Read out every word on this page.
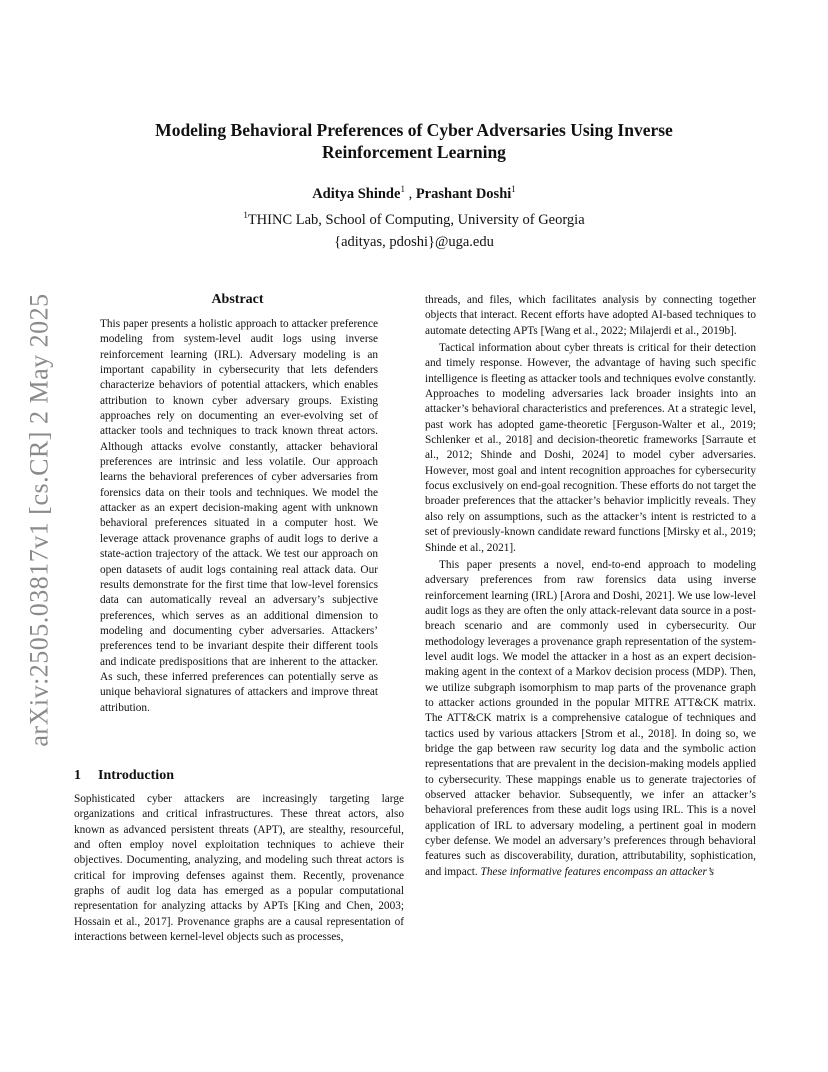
arXiv:2505.03817v1 [cs.CR] 2 May 2025
Modeling Behavioral Preferences of Cyber Adversaries Using Inverse Reinforcement Learning
Aditya Shinde$^1$ , Prashant Doshi$^1$
$^1$THINC Lab, School of Computing, University of Georgia
{adityas, pdoshi}@uga.edu
Abstract

This paper presents a holistic approach to attacker preference modeling from system-level audit logs using inverse reinforcement learning (IRL). Adversary modeling is an important capability in cybersecurity that lets defenders characterize behaviors of potential attackers, which enables attribution to known cyber adversary groups. Existing approaches rely on documenting an ever-evolving set of attacker tools and techniques to track known threat actors. Although attacks evolve constantly, attacker behavioral preferences are intrinsic and less volatile. Our approach learns the behavioral preferences of cyber adversaries from forensics data on their tools and techniques. We model the attacker as an expert decision-making agent with unknown behavioral preferences situated in a computer host. We leverage attack provenance graphs of audit logs to derive a state-action trajectory of the attack. We test our approach on open datasets of audit logs containing real attack data. Our results demonstrate for the first time that low-level forensics data can automatically reveal an adversary’s subjective preferences, which serves as an additional dimension to modeling and documenting cyber adversaries. Attackers’ preferences tend to be invariant despite their different tools and indicate predispositions that are inherent to the attacker. As such, these inferred preferences can potentially serve as unique behavioral signatures of attackers and improve threat attribution.

1 Introduction

Sophisticated cyber attackers are increasingly targeting large organizations and critical infrastructures. These threat actors, also known as advanced persistent threats (APT), are stealthy, resourceful, and often employ novel exploitation techniques to achieve their objectives. Documenting, analyzing, and modeling such threat actors is critical for improving defenses against them. Recently, provenance graphs of audit log data has emerged as a popular computational representation for analyzing attacks by APTs [King and Chen, 2003; Hossain et al., 2017]. Provenance graphs are a causal representation of interactions between kernel-level objects such as processes,

threads, and files, which facilitates analysis by connecting together objects that interact. Recent efforts have adopted AI-based techniques to automate detecting APTs [Wang et al., 2022; Milajerdi et al., 2019b].

Tactical information about cyber threats is critical for their detection and timely response. However, the advantage of having such specific intelligence is fleeting as attacker tools and techniques evolve constantly. Approaches to modeling adversaries lack broader insights into an attacker’s behavioral characteristics and preferences. At a strategic level, past work has adopted game-theoretic [Ferguson-Walter et al., 2019; Schlenker et al., 2018] and decision-theoretic frameworks [Sarraute et al., 2012; Shinde and Doshi, 2024] to model cyber adversaries. However, most goal and intent recognition approaches for cybersecurity focus exclusively on end-goal recognition. These efforts do not target the broader preferences that the attacker’s behavior implicitly reveals. They also rely on assumptions, such as the attacker’s intent is restricted to a set of previously-known candidate reward functions [Mirsky et al., 2019; Shinde et al., 2021].

This paper presents a novel, end-to-end approach to modeling adversary preferences from raw forensics data using inverse reinforcement learning (IRL) [Arora and Doshi, 2021]. We use low-level audit logs as they are often the only attack-relevant data source in a post-breach scenario and are commonly used in cybersecurity. Our methodology leverages a provenance graph representation of the system-level audit logs. We model the attacker in a host as an expert decision-making agent in the context of a Markov decision process (MDP). Then, we utilize subgraph isomorphism to map parts of the provenance graph to attacker actions grounded in the popular MITRE ATT&CK matrix. The ATT&CK matrix is a comprehensive catalogue of techniques and tactics used by various attackers [Strom et al., 2018]. In doing so, we bridge the gap between raw security log data and the symbolic action representations that are prevalent in the decision-making models applied to cybersecurity. These mappings enable us to generate trajectories of observed attacker behavior. Subsequently, we infer an attacker’s behavioral preferences from these audit logs using IRL. This is a novel application of IRL to adversary modeling, a pertinent goal in modern cyber defense. We model an adversary’s preferences through behavioral features such as discoverability, duration, attributability, sophistication, and impact. These informative features encompass an attacker’s
